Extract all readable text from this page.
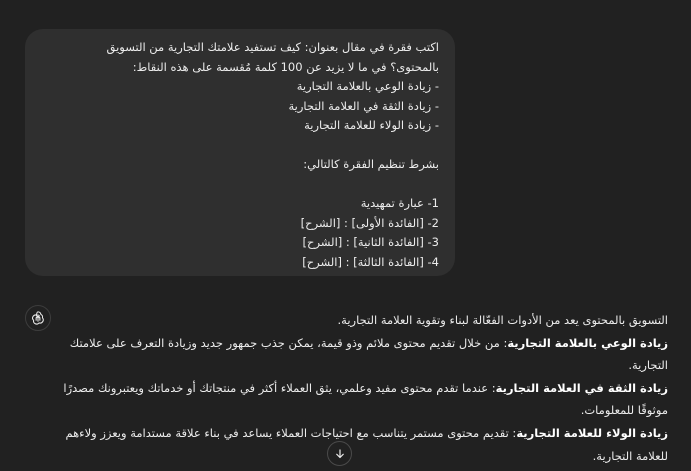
اكتب فقرة في مقال بعنوان: كيف تستفيد علامتك التجارية من التسويق
بالمحتوى؟ في ما لا يزيد عن 100 كلمة مُقسمة على هذه النقاط:
- زيادة الوعي بالعلامة التجارية
- زيادة الثقة في العلامة التجارية
- زيادة الولاء للعلامة التجارية
بشرط تنظيم الفقرة كالتالي:
1- عبارة تمهيدية
2- [الفائدة الأولى] : [الشرح]
3- [الفائدة الثانية] : [الشرح]
4- [الفائدة الثالثة] : [الشرح]

التسويق بالمحتوى يعد من الأدوات الفعّالة لبناء وتقوية العلامة التجارية.

زيادة الوعي بالعلامة التجارية: من خلال تقديم محتوى ملائم وذو قيمة، يمكن جذب جمهور جديد وزيادة التعرف على علامتك التجارية.

زيادة الثقة في العلامة التجارية: عندما تقدم محتوى مفيد وعلمي، يثق العملاء أكثر في منتجاتك أو خدماتك ويعتبرونك مصدرًا موثوقًا للمعلومات.

زيادة الولاء للعلامة التجارية: تقديم محتوى مستمر يتناسب مع احتياجات العملاء يساعد في بناء علاقة مستدامة ويعزز ولاءهم للعلامة التجارية.
